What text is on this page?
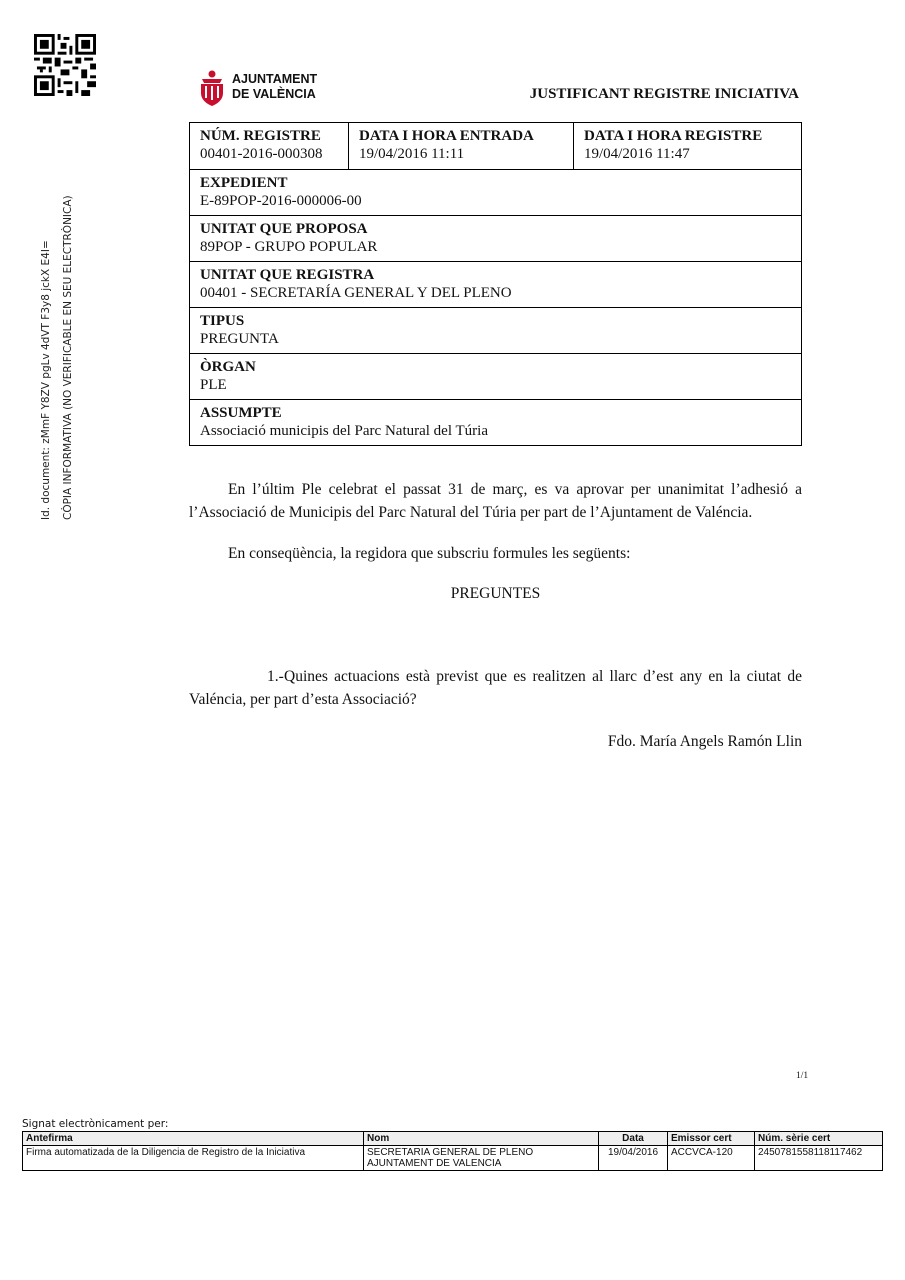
AJUNTAMENT
DE VALÈNCIA	JUSTIFICANT REGISTRE INICIATIVA
Id. document: zMmF Y8ZV pgLv 4dVT F3y8 jckX E4I= CÒPIA INFORMATIVA (NO VERIFICABLE EN SEU ELECTRÒNICA)
NÚM. REGISTRE
00401-2016-000308
DATA I HORA ENTRADA
19/04/2016 11:11
DATA I HORA REGISTRE
19/04/2016 11:47
EXPEDIENT
E-89POP-2016-000006-00
UNITAT QUE PROPOSA
89POP - GRUPO POPULAR
UNITAT QUE REGISTRA
00401 - SECRETARÍA GENERAL Y DEL PLENO
TIPUS
PREGUNTA
ÒRGAN
PLE
ASSUMPTE
Associació municipis del Parc Natural del Túria
En l’últim Ple celebrat el passat 31 de març, es va aprovar per unanimitat l’adhesió a l’Associació de Municipis del Parc Natural del Túria per part de l’Ajuntament de Valéncia.
En conseqüència, la regidora que subscriu formules les següents:
PREGUNTES
1.-Quines actuacions està previst que es realitzen al llarc d’est any en la ciutat de Valéncia, per part d’esta Associació?
Fdo. María Angels Ramón Llin
1/1
Signat electrònicament per:
Antefirma	Nom	Data	Emissor cert	Núm. sèrie cert
Firma automatizada de la Diligencia de Registro de la Iniciativa	SECRETARIA GENERAL DE PLENO
AJUNTAMENT DE VALENCIA	19/04/2016	ACCVCA-120	2450781558118117462
